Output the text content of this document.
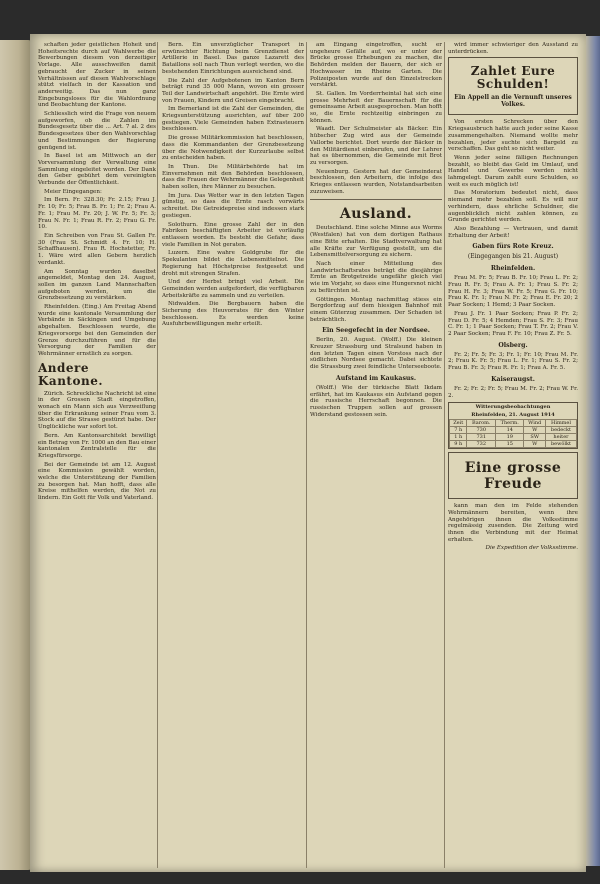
schaften jeder geistlichen Hoheit und Hoheitsrechte durch auf Wahlwerbe die Bewerbungen diesem von derzeitiger Vorlage. Alle ausschweifen damit gebraucht der Zucker in seinen Verhältnissen auf diesen Wahlvorschlage stützt vielfach in der Kassation und anderweitig. Das nun ganz Eingebungsloses für die Wahlordnung und Beobachtung der Kantone.

Schliesslich wird die Frage von neuem aufgeworfen, ob die Zahlen im Bundesgesetz über die ... Art. 7 al. 2 des Bundesgesetzes über den Wahlvorschlag und Bestimmungen der Regierung genügend ist.

In Basel ist am Mittwoch an der Vorversammlung der Verwaltung eine Sammlung eingeleitet worden. Der Dank den Geber gebührt dem vereinigten Verbunde der Öffentlichkeit.

Meier Eingegangen:

Im Bern. Fr. 328.30; Fr. 2.15; Frau J. Fr. 10; Fr. 5; Frau B. Fr. 1; Fr. 2; Frau A. Fr. 1; Frau M. Fr. 20; J. W. Fr. 5; Fr. 3; Frau N. Fr. 1; Frau R. Fr. 2; Frau G. Fr. 10.

Ein Schreiben von Frau St. Gallen Fr. 30 (Frau St. Schmidt 4. Fr. 10; H. Schaffhausen). Frau R. Hochstetter, Fr. 1. Wäre wird allen Gebern herzlich verdankt.

Am Sonntag wurden daselbst angemeldet, Montag den 24. August, sollen im ganzen Land Mannschaften aufgeboten werden, um die Grenzbesetzung zu verstärken.

Rheinfelden. (Eing.) Am Freitag Abend wurde eine kantonale Versammlung der Verbände in Säckingen und Umgebung abgehalten. Beschlossen wurde, die Kriegsvorsorge bei den Gemeinden der Grenze durchzuführen und für die Versorgung der Familien der Wehrmänner ernstlich zu sorgen.

Andere Kantone.

Zürich. Schreckliche Nachricht ist eine in der Grossen Stadt eingetroffen, wonach ein Mann sich aus Verzweiflung über die Erkrankung seiner Frau vom 3. Stock auf die Strasse gestürzt habe. Der Unglückliche war sofort tot.

Bern. Am Kantonsarchitekt bewilligt ein Betrag von Fr. 1000 an den Bau einer kantonalen Zentralstelle für die Kriegsfürsorge.

Bei der Gemeinde ist am 12. August eine Kommission gewählt worden, welche die Unterstützung der Familien zu besorgen hat. Man hofft, dass alle Kreise mithelfen werden, die Not zu lindern. Ein Gott für Volk und Vaterland.

Bern. Ein unverzüglicher Transport in erwünschter Richtung beim Grenzdienst der Artillerie in Basel. Das ganze Lazarett des Bataillons soll nach Thun verlegt werden, wo die bestehenden Einrichtungen ausreichend sind.

Die Zahl der Aufgebotenen im Kanton Bern beträgt rund 35 000 Mann, wovon ein grosser Teil der Landwirtschaft angehört. Die Ernte wird von Frauen, Kindern und Greisen eingebracht.

Im Bernerland ist die Zahl der Gemeinden, die Kriegsunterstützung ausrichten, auf über 200 gestiegen. Viele Gemeinden haben Extrasteuern beschlossen.

Die grosse Militärkommission hat beschlossen, dass die Kommandanten der Grenzbesetzung über die Notwendigkeit der Kurzurlaube selbst zu entscheiden haben.

In Thun. Die Militärbehörde hat im Einvernehmen mit den Behörden beschlossen, dass die Frauen der Wehrmänner die Gelegenheit haben sollen, ihre Männer zu besuchen.

Im Jura. Das Wetter war in den letzten Tagen günstig, so dass die Ernte rasch vorwärts schreitet. Die Getreidepreise sind indessen stark gestiegen.

Solothurn. Eine grosse Zahl der in den Fabriken beschäftigten Arbeiter ist vorläufig entlassen worden. Es besteht die Gefahr, dass viele Familien in Not geraten.

Luzern. Eine wahre Goldgrube für die Spekulanten bildet die Lebensmittelnot. Die Regierung hat Höchstpreise festgesetzt und droht mit strengen Strafen.

Und der Herbst bringt viel Arbeit. Die Gemeinden werden aufgefordert, die verfügbaren Arbeitskräfte zu sammeln und zu verteilen.

Nidwalden. Die Bergbauern haben die Sicherung des Heuvorrates für den Winter beschlossen. Es werden keine Ausfuhrbewilligungen mehr erteilt.

am Eingang eingetroffen, sucht er ungeheure Gefälle auf, wo er unter der Brücke grosse Erhebungen zu machen, die Behörden melden der Bauern, der sich er Hochwasser im Rheine Garten. Die Polizeiposten wurde auf den Einzelstrecken verstärkt.

St. Gallen. Im Vorderrheintal hat sich eine grosse Mehrheit der Bauernschaft für die gemeinsame Arbeit ausgesprochen. Man hofft so, die Ernte rechtzeitig einbringen zu können.

Waadt. Der Schulmeister als Bäcker. Ein hübscher Zug wird aus der Gemeinde Vallorbe berichtet. Dort wurde der Bäcker in den Militärdienst einberufen, und der Lehrer hat es übernommen, die Gemeinde mit Brot zu versorgen.

Neuenburg. Gestern hat der Gemeinderat beschlossen, den Arbeitern, die infolge des Krieges entlassen wurden, Notstandsarbeiten zuzuweisen.

Ausland.

Deutschland. Eine solche Minne aus Worms (Westfalen) hat von dem dortigen Rathaus eine Bitte erhalten. Die Stadtverwaltung hat alle Kräfte zur Verfügung gestellt, um die Lebensmittelversorgung zu sichern.

Nach einer Mitteilung des Landwirtschaftsrates beträgt die diesjährige Ernte an Brotgetreide ungefähr gleich viel wie im Vorjahr, so dass eine Hungersnot nicht zu befürchten ist.

Göttingen. Montag nachmittag stiess ein Bergdorfzug auf dem hiesigen Bahnhof mit einem Güterzug zusammen. Der Schaden ist beträchtlich.

Ein Seegefecht in der Nordsee.

Berlin, 20. August. (Wolff.) Die kleinen Kreuzer Strassburg und Stralsund haben in den letzten Tagen einen Vorstoss nach der südlichen Nordsee gemacht. Dabei sichtete die Strassburg zwei feindliche Unterseeboote.

Aufstand im Kaukasus.

(Wolff.) Wie der türkische Blatt Ikdam erfährt, hat im Kaukasus ein Aufstand gegen die russische Herrschaft begonnen. Die russischen Truppen sollen auf grossen Widerstand gestossen sein.

wird immer schwieriger den Ausstand zu unterdrücken.

Zahlet Eure Schulden!
Ein Appell an die Vernunft unseres Volkes.

Von ersten Schrecken über den Kriegsausbruch hatte auch jeder seine Kasse zusammengehalten. Niemand wollte mehr bezahlen, jeder suchte sich Bargeld zu verschaffen. Das geht so nicht weiter.

Wenn jeder seine fälligen Rechnungen bezahlt, so bleibt das Geld im Umlauf, und Handel und Gewerbe werden nicht lahmgelegt. Darum zahlt eure Schulden, so weit es euch möglich ist!

Das Moratorium bedeutet nicht, dass niemand mehr bezahlen soll. Es will nur verhindern, dass ehrliche Schuldner, die augenblicklich nicht zahlen können, zu Grunde gerichtet werden.

Also Bezahlung — Vertrauen, und damit Erhaltung der Arbeit!

Gaben fürs Rote Kreuz.
(Eingegangen bis 21. August)
Rheinfelden.

Frau M. Fr. 5; Frau B. Fr. 10; Frau L. Fr. 2; Frau R. Fr. 5; Frau A. Fr. 1; Frau S. Fr. 2; Frau H. Fr. 3; Frau W. Fr. 5; Frau G. Fr. 10; Frau K. Fr. 1; Frau N. Fr. 2; Frau E. Fr. 20; 2 Paar Socken; 1 Hemd; 3 Paar Socken.

Frau J. Fr. 1 Paar Socken; Frau P. Fr. 2; Frau D. Fr. 5; 4 Hemden; Frau S. Fr. 3; Frau C. Fr. 1; 1 Paar Socken; Frau T. Fr. 2; Frau V. 2 Paar Socken; Frau F. Fr. 10; Frau Z. Fr. 5.

Olsberg.

Fr. 2; Fr. 5; Fr. 3; Fr. 1; Fr. 10; Frau M. Fr. 2; Frau K. Fr. 5; Frau L. Fr. 1; Frau S. Fr. 2; Frau B. Fr. 3; Frau R. Fr. 1; Frau A. Fr. 5.

Kaiseraugst.

Fr. 2; Fr. 2; Fr. 5; Frau M. Fr. 2; Frau W. Fr. 2.

Witterungsbeobachtungen
Rheinfelden, 21. August 1914
Zeit	Barom.	Therm.	Wind	Himmel
7 h	730	14	W	bedeckt
1 h	731	19	SW	heiter
9 h	732	15	W	bewölkt
Eine grosse Freude

kann man den im Felde stehenden Wehrmännern bereiten, wenn ihre Angehörigen ihnen die Volksstimme regelmässig zusenden. Die Zeitung wird ihnen die Verbindung mit der Heimat erhalten.

Die Expedition der Volksstimme.
